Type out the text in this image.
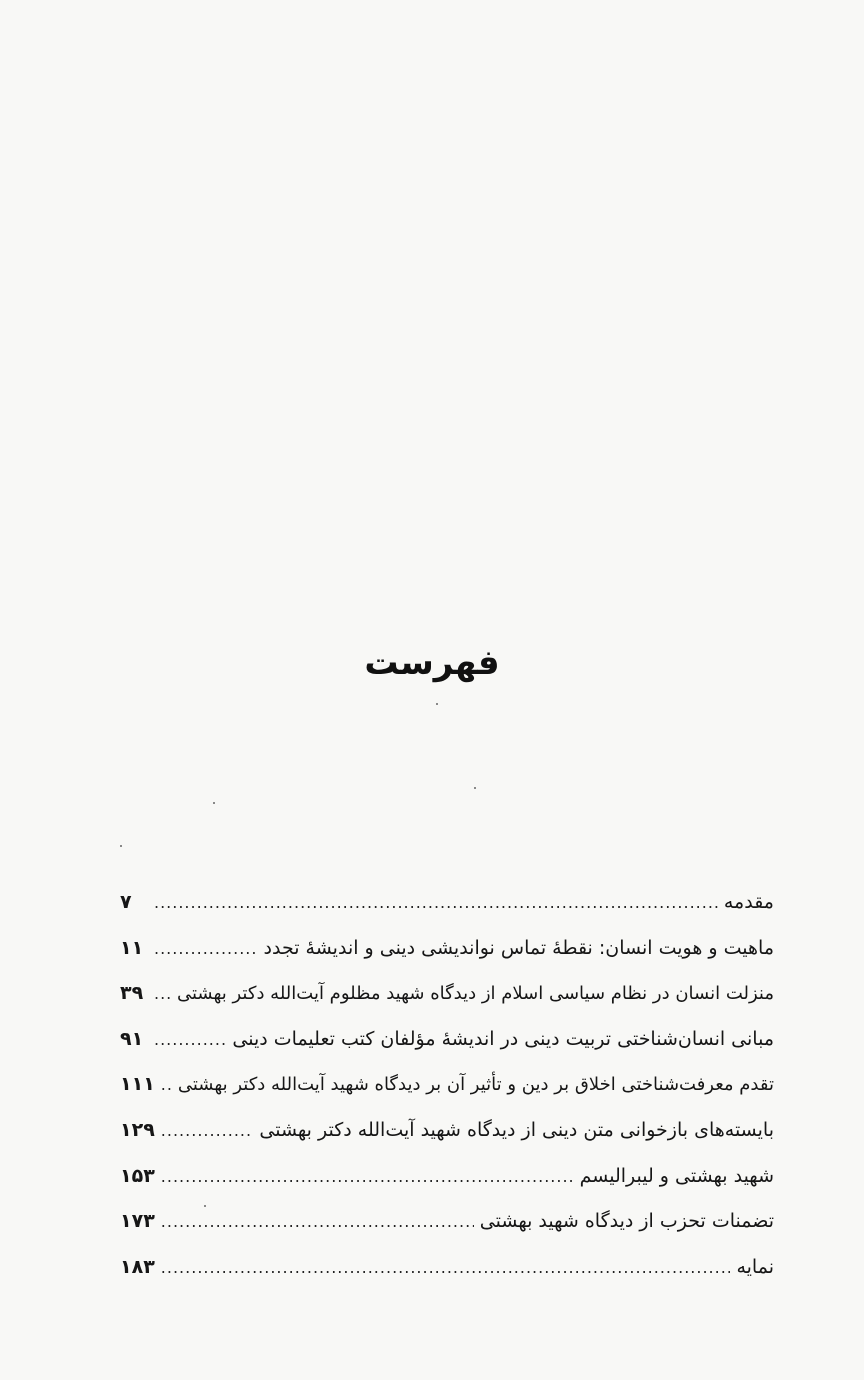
فهرست
مقدمه
.....
۷
ماهیت و هویت انسان: نقطۀ تماس نواندیشی دینی و اندیشۀ تجدد
.....
۱۱
منزلت انسان در نظام سیاسی اسلام از دیدگاه شهید مظلوم آیت‌الله دکتر بهشتی
.....
۳۹
مبانی انسان‌شناختی تربیت دینی در اندیشۀ مؤلفان کتب تعلیمات دینی
.....
۹۱
تقدم معرفت‌شناختی اخلاق بر دین و تأثیر آن بر دیدگاه شهید آیت‌الله دکتر بهشتی
.....
۱۱۱
بایسته‌های بازخوانی متن دینی از دیدگاه شهید آیت‌الله دکتر بهشتی
.....
۱۲۹
شهید بهشتی و لیبرالیسم
.....
۱۵۳
تضمنات تحزب از دیدگاه شهید بهشتی
.....
۱۷۳
نمایه
.....
۱۸۳
